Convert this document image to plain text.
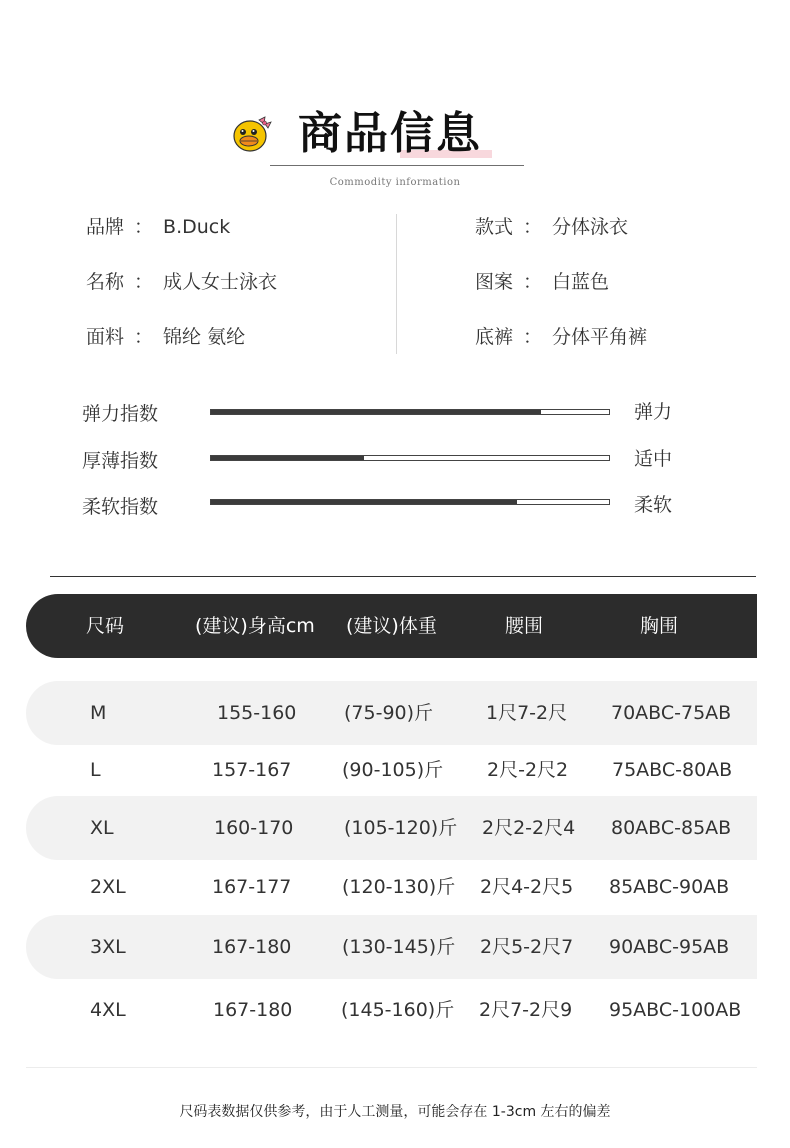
商品信息
Commodity information
品牌 ： B.Duck
名称 ： 成人女士泳衣
面料 ： 锦纶 氨纶
款式 ： 分体泳衣
图案 ： 白蓝色
底裤 ： 分体平角裤
弹力指数	弹力
厚薄指数	适中
柔软指数	柔软
尺码	(建议)身高cm (建议)体重	腰围	胸围
M	155-160	(75-90)斤	1尺7-2尺 70ABC-75AB
L	157-167	(90-105)斤 2尺-2尺2 75ABC-80AB
XL	160-170	(105-120)斤 2尺2-2尺4 80ABC-85AB
2XL	167-177	(120-130)斤 2尺4-2尺5 85ABC-90AB
3XL	167-180	(130-145)斤 2尺5-2尺7 90ABC-95AB
4XL	167-180	(145-160)斤 2尺7-2尺9 95ABC-100AB
尺码表数据仅供参考，由于人工测量，可能会存在 1-3cm 左右的偏差
